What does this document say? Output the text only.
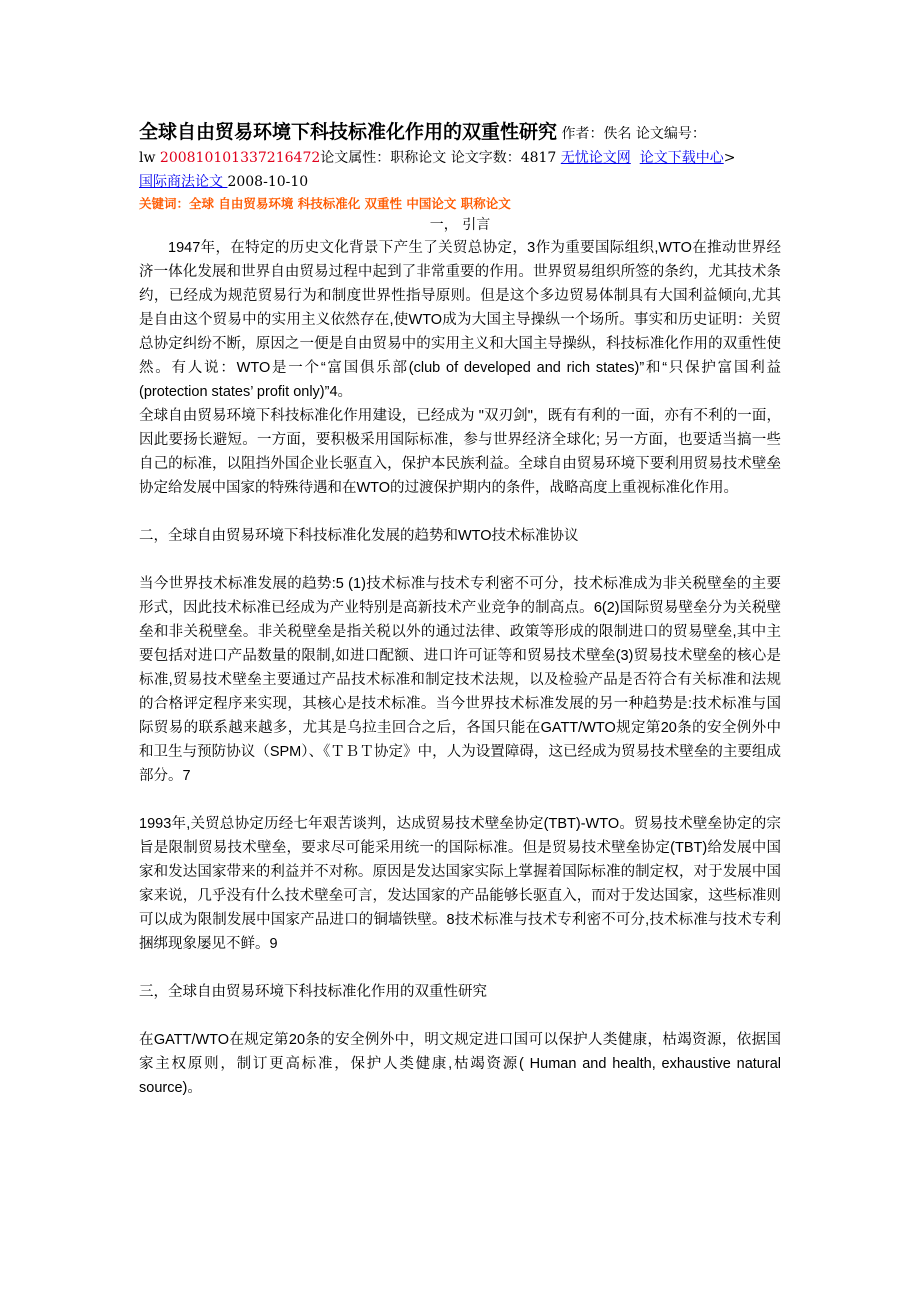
全球自由贸易环境下科技标准化作用的双重性研究 作者：佚名 论文编号：
lw 200810101337216472论文属性：职称论文 论文字数：4817 无忧论文网 论文下载中心>
国际商法论文 2008-10-10

关键词：全球 自由贸易环境 科技标准化 双重性 中国论文 职称论文

一， 引言

1947年，在特定的历史文化背景下产生了关贸总协定，3作为重要国际组织,WTO在推动世界经济一体化发展和世界自由贸易过程中起到了非常重要的作用。世界贸易组织所签的条约，尤其技术条约，已经成为规范贸易行为和制度世界性指导原则。但是这个多边贸易体制具有大国利益倾向,尤其是自由这个贸易中的实用主义依然存在,使WTO成为大国主导操纵一个场所。事实和历史证明：关贸总协定纠纷不断，原因之一便是自由贸易中的实用主义和大国主导操纵，科技标准化作用的双重性使然。有人说：WTO是一个“富国俱乐部(club of developed and rich states)”和“只保护富国利益(protection states’ profit only)”4。

全球自由贸易环境下科技标准化作用建设，已经成为 "双刃剑"，既有有利的一面，亦有不利的一面，因此要扬长避短。一方面，要积极采用国际标准，参与世界经济全球化; 另一方面，也要适当搞一些自己的标准，以阻挡外国企业长驱直入，保护本民族利益。全球自由贸易环境下要利用贸易技术壁垒协定给发展中国家的特殊待遇和在WTO的过渡保护期内的条件，战略高度上重视标准化作用。

二，全球自由贸易环境下科技标准化发展的趋势和WTO技术标准协议

当今世界技术标准发展的趋势:5 (1)技术标准与技术专利密不可分，技术标准成为非关税壁垒的主要形式，因此技术标准已经成为产业特别是高新技术产业竞争的制高点。6(2)国际贸易壁垒分为关税壁垒和非关税壁垒。非关税壁垒是指关税以外的通过法律、政策等形成的限制进口的贸易壁垒,其中主要包括对进口产品数量的限制,如进口配额、进口许可证等和贸易技术壁垒(3)贸易技术壁垒的核心是标准,贸易技术壁垒主要通过产品技术标准和制定技术法规，以及检验产品是否符合有关标准和法规的合格评定程序来实现，其核心是技术标准。当今世界技术标准发展的另一种趋势是:技术标准与国际贸易的联系越来越多，尤其是乌拉圭回合之后，各国只能在GATT/WTO规定第20条的安全例外中和卫生与预防协议（SPM）、《ＴＢＴ协定》中，人为设置障碍，这已经成为贸易技术壁垒的主要组成部分。7

1993年,关贸总协定历经七年艰苦谈判，达成贸易技术壁垒协定(TBT)-WTO。贸易技术壁垒协定的宗旨是限制贸易技术壁垒，要求尽可能采用统一的国际标准。但是贸易技术壁垒协定(TBT)给发展中国家和发达国家带来的利益并不对称。原因是发达国家实际上掌握着国际标准的制定权，对于发展中国家来说，几乎没有什么技术壁垒可言，发达国家的产品能够长驱直入，而对于发达国家，这些标准则可以成为限制发展中国家产品进口的铜墙铁壁。8技术标准与技术专利密不可分,技术标准与技术专利捆绑现象屡见不鲜。9

三，全球自由贸易环境下科技标准化作用的双重性研究

在GATT/WTO在规定第20条的安全例外中，明文规定进口国可以保护人类健康，枯竭资源，依据国家主权原则，制订更高标准，保护人类健康,枯竭资源( Human and health, exhaustive natural source)。
